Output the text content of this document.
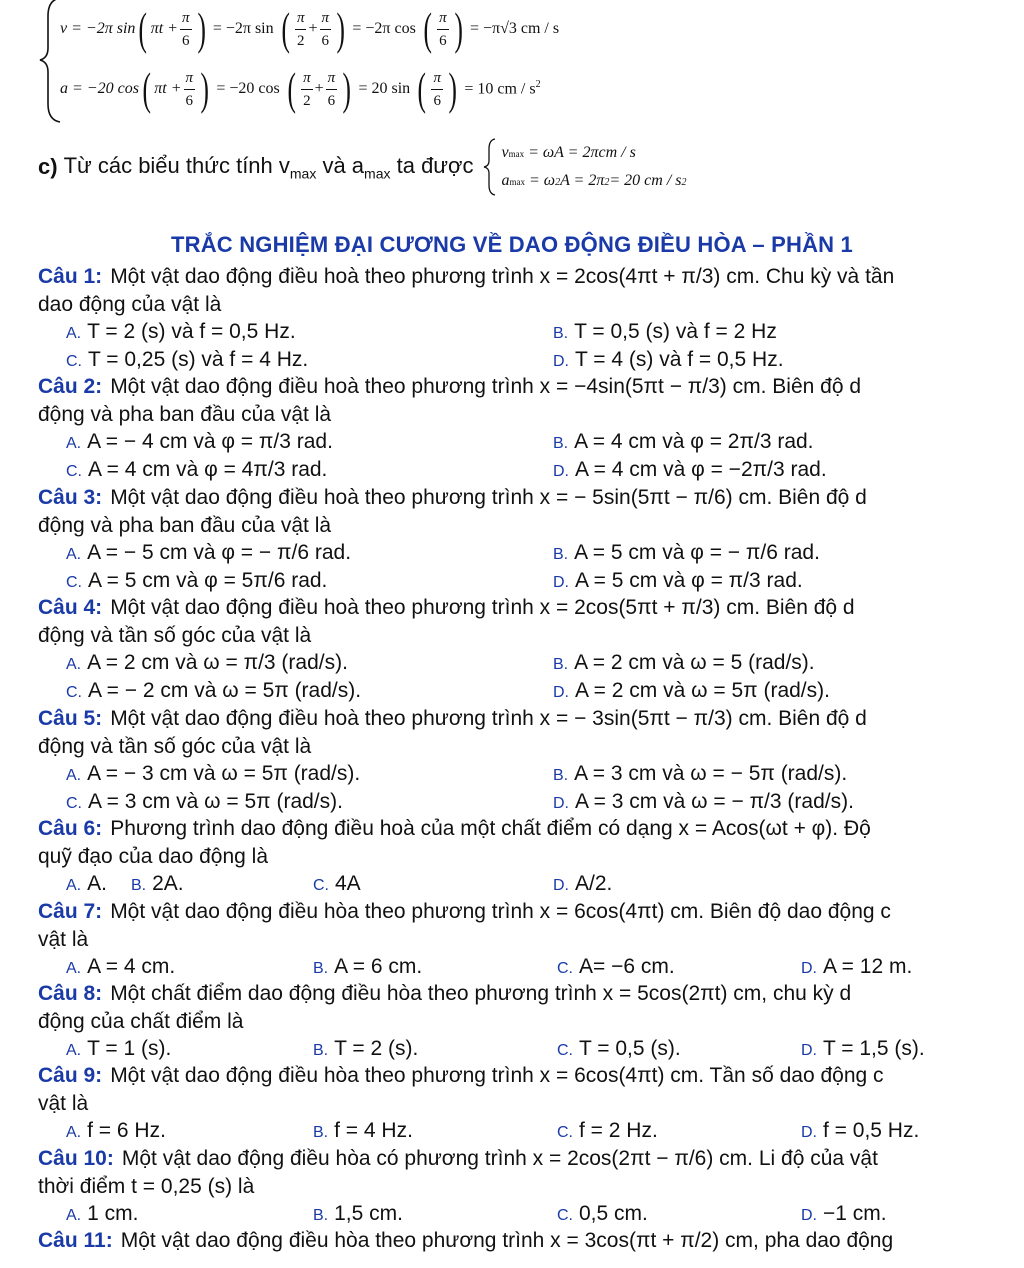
v = −2π sin ( $\pi t + \frac{\pi}{6}$ ) = −2π sin ( $\frac{\pi}{2} + \frac{\pi}{6}$ ) = −2π cos ( $\frac{\pi}{6}$ ) = −π√3 cm / s
a = −20 cos ( $\pi t + \frac{\pi}{6}$ ) = −20 cos ( $\frac{\pi}{2} + \frac{\pi}{6}$ ) = 20 sin ( $\frac{\pi}{6}$ ) = 10 cm / $s^2$
c) Từ các biểu thức tính $v_{max}$ và $a_{max}$ ta được
v max
= ωA = 2πcm / s
a max
= ω 2 A = 2π 2 = 20 cm / s 2
TRẮC NGHIỆM ĐẠI CƯƠNG VỀ DAO ĐỘNG ĐIỀU HÒA – PHẦN 1
Câu 1: Một vật dao động điều hoà theo phương trình x = 2cos(4πt + π/3) cm. Chu kỳ và tần
dao động của vật là
A. T = 2 (s) và f = 0,5 Hz.	B. T = 0,5 (s) và f = 2 Hz
C. T = 0,25 (s) và f = 4 Hz.	D. T = 4 (s) và f = 0,5 Hz.
Câu 2: Một vật dao động điều hoà theo phương trình x = −4sin(5πt − π/3) cm. Biên độ d
động và pha ban đầu của vật là
A. A = − 4 cm và φ = π/3 rad.	B. A = 4 cm và φ = 2π/3 rad.
C. A = 4 cm và φ = 4π/3 rad.	D. A = 4 cm và φ = −2π/3 rad.
Câu 3: Một vật dao động điều hoà theo phương trình x = − 5sin(5πt − π/6) cm. Biên độ d
động và pha ban đầu của vật là
A. A = − 5 cm và φ = − π/6 rad.	B. A = 5 cm và φ = − π/6 rad.
C. A = 5 cm và φ = 5π/6 rad.	D. A = 5 cm và φ = π/3 rad.
Câu 4: Một vật dao động điều hoà theo phương trình x = 2cos(5πt + π/3) cm. Biên độ d
động và tần số góc của vật là
A. A = 2 cm và ω = π/3 (rad/s).	B. A = 2 cm và ω = 5 (rad/s).
C. A = − 2 cm và ω = 5π (rad/s).	D. A = 2 cm và ω = 5π (rad/s).
Câu 5: Một vật dao động điều hoà theo phương trình x = − 3sin(5πt − π/3) cm. Biên độ d
động và tần số góc của vật là
A. A = − 3 cm và ω = 5π (rad/s).	B. A = 3 cm và ω = − 5π (rad/s).
C. A = 3 cm và ω = 5π (rad/s).	D. A = 3 cm và ω = − π/3 (rad/s).
Câu 6: Phương trình dao động điều hoà của một chất điểm có dạng x = Acos(ωt + φ). Độ
quỹ đạo của dao động là
A. A. B. 2A.	C. 4A	D. A/2.
Câu 7: Một vật dao động điều hòa theo phương trình x = 6cos(4πt) cm. Biên độ dao động c
vật là
A. A = 4 cm.	B. A = 6 cm.	C. A= −6 cm.	D. A = 12 m.
Câu 8: Một chất điểm dao động điều hòa theo phương trình x = 5cos(2πt) cm, chu kỳ d
động của chất điểm là
A. T = 1 (s).	B. T = 2 (s).	C. T = 0,5 (s).	D. T = 1,5 (s).
Câu 9: Một vật dao động điều hòa theo phương trình x = 6cos(4πt) cm. Tần số dao động c
vật là
A. f = 6 Hz.	B. f = 4 Hz.	C. f = 2 Hz.	D. f = 0,5 Hz.
Câu 10: Một vật dao động điều hòa có phương trình x = 2cos(2πt − π/6) cm. Li độ của vật
thời điểm t = 0,25 (s) là
A. 1 cm.	B. 1,5 cm.	C. 0,5 cm.	D. −1 cm.
Câu 11: Một vật dao động điều hòa theo phương trình x = 3cos(πt + π/2) cm, pha dao động
